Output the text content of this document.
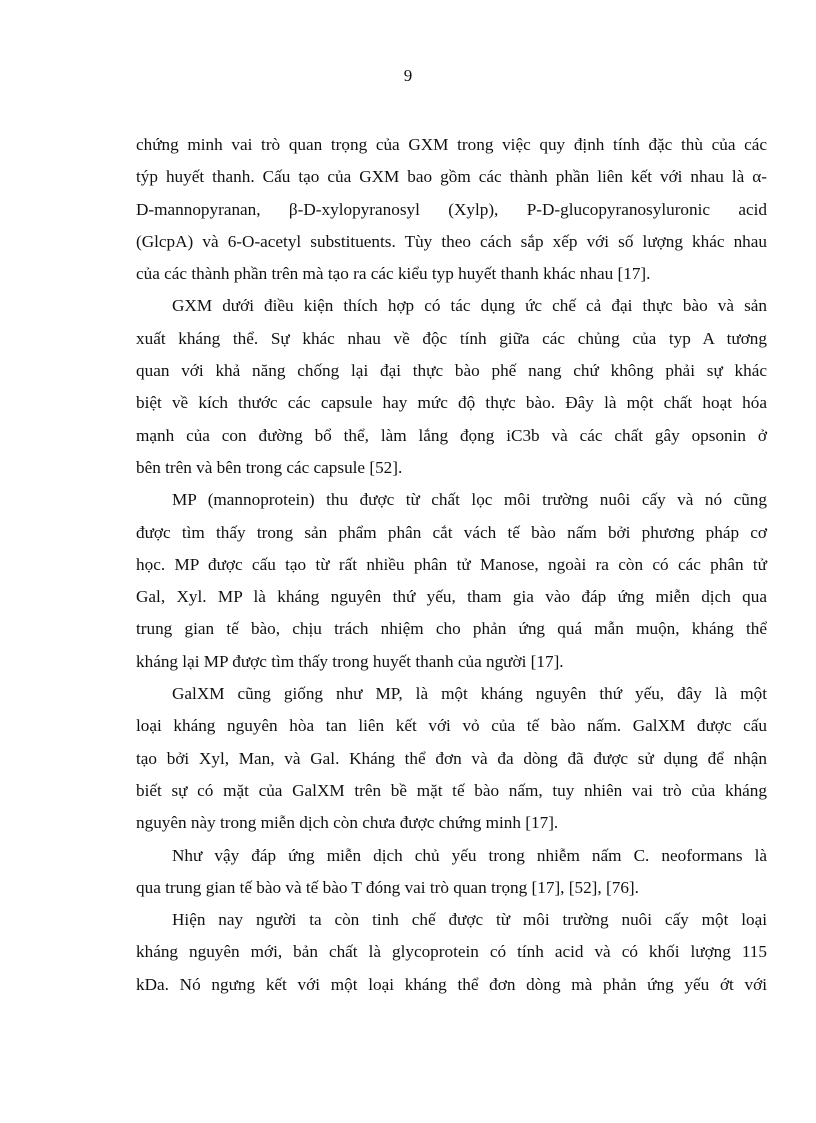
9

chứng minh vai trò quan trọng của GXM trong việc quy định tính đặc thù của các
týp huyết thanh. Cấu tạo của GXM bao gồm các thành phần liên kết với nhau là α-
D-mannopyranan, β-D-xylopyranosyl (Xylp), P-D-glucopyranosyluronic acid
(GlcpA) và 6-O-acetyl substituents. Tùy theo cách sắp xếp với số lượng khác nhau
của các thành phần trên mà tạo ra các kiểu typ huyết thanh khác nhau [17].

GXM dưới điều kiện thích hợp có tác dụng ức chế cả đại thực bào và sản
xuất kháng thể. Sự khác nhau về độc tính giữa các chủng của typ A tương
quan với khả năng chống lại đại thực bào phế nang chứ không phải sự khác
biệt về kích thước các capsule hay mức độ thực bào. Đây là một chất hoạt hóa
mạnh của con đường bổ thể, làm lắng đọng iC3b và các chất gây opsonin ở
bên trên và bên trong các capsule [52].

MP (mannoprotein) thu được từ chất lọc môi trường nuôi cấy và nó cũng
được tìm thấy trong sản phẩm phân cắt vách tế bào nấm bởi phương pháp cơ
học. MP được cấu tạo từ rất nhiều phân tử Manose, ngoài ra còn có các phân tử
Gal, Xyl. MP là kháng nguyên thứ yếu, tham gia vào đáp ứng miễn dịch qua
trung gian tế bào, chịu trách nhiệm cho phản ứng quá mẫn muộn, kháng thể
kháng lại MP được tìm thấy trong huyết thanh của người [17].

GalXM cũng giống như MP, là một kháng nguyên thứ yếu, đây là một
loại kháng nguyên hòa tan liên kết với vỏ của tế bào nấm. GalXM được cấu
tạo bởi Xyl, Man, và Gal. Kháng thể đơn và đa dòng đã được sử dụng để nhận
biết sự có mặt của GalXM trên bề mặt tế bào nấm, tuy nhiên vai trò của kháng
nguyên này trong miễn dịch còn chưa được chứng minh [17].

Như vậy đáp ứng miễn dịch chủ yếu trong nhiễm nấm C. neoformans là
qua trung gian tế bào và tế bào T đóng vai trò quan trọng [17], [52], [76].

Hiện nay người ta còn tinh chế được từ môi trường nuôi cấy một loại
kháng nguyên mới, bản chất là glycoprotein có tính acid và có khối lượng 115
kDa. Nó ngưng kết với một loại kháng thể đơn dòng mà phản ứng yếu ớt với
